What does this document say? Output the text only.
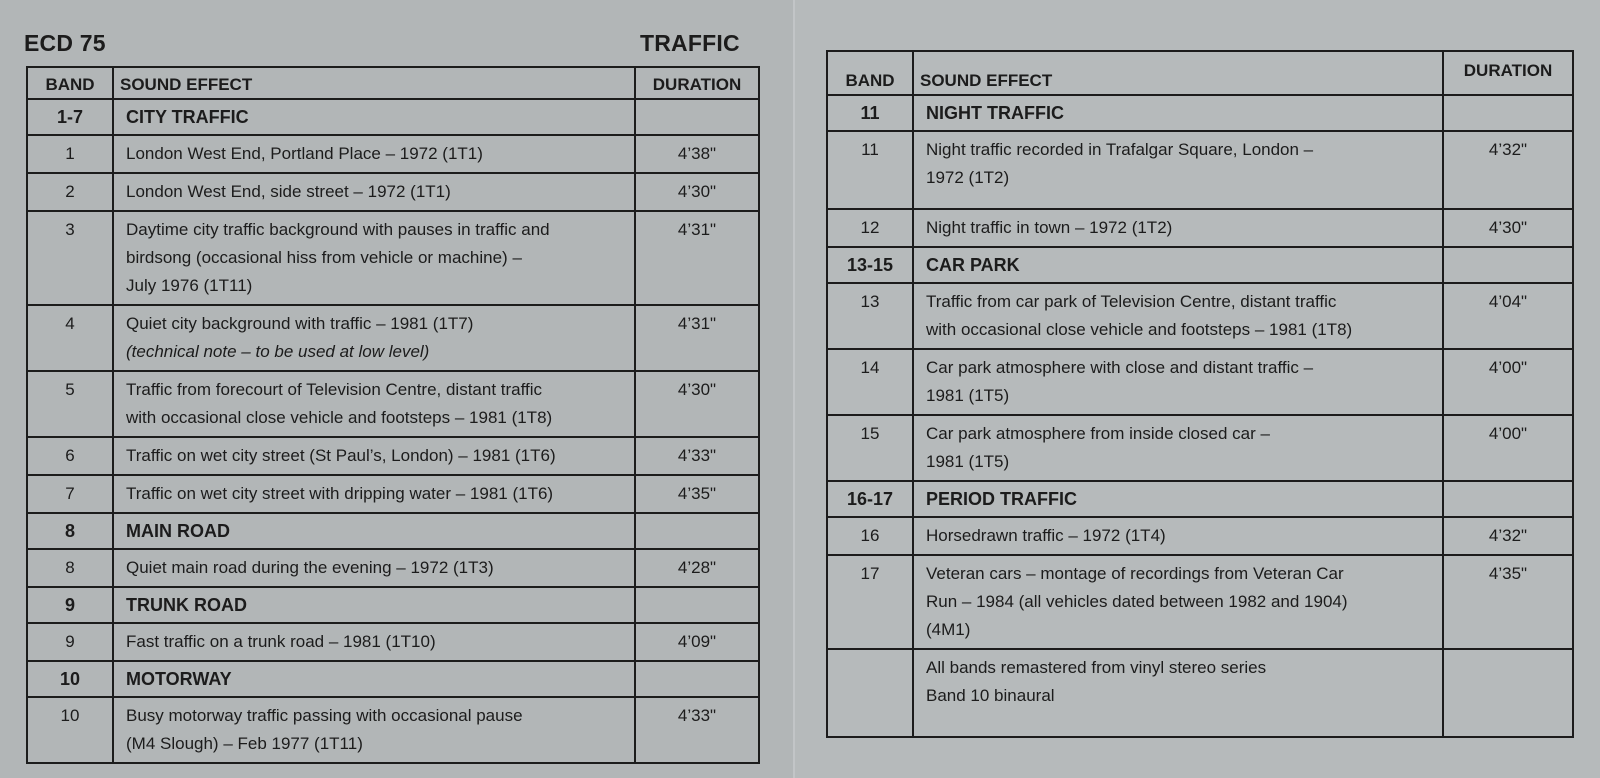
ECD 75	TRAFFIC
BAND	SOUND EFFECT	DURATION
1-7	CITY TRAFFIC	
1	London West End, Portland Place – 1972 (1T1)	4’38"
2	London West End, side street – 1972 (1T1)	4’30"
3	Daytime city traffic background with pauses in traffic and
birdsong (occasional hiss from vehicle or machine) –
July 1976 (1T11)	4’31"
4	Quiet city background with traffic – 1981 (1T7)
(technical note – to be used at low level)	4’31"
5	Traffic from forecourt of Television Centre, distant traffic
with occasional close vehicle and footsteps – 1981 (1T8)	4’30"
6	Traffic on wet city street (St Paul’s, London) – 1981 (1T6)	4’33"
7	Traffic on wet city street with dripping water – 1981 (1T6)	4’35"
8	MAIN ROAD	
8	Quiet main road during the evening – 1972 (1T3)	4’28"
9	TRUNK ROAD	
9	Fast traffic on a trunk road – 1981 (1T10)	4’09"
10	MOTORWAY	
10	Busy motorway traffic passing with occasional pause
(M4 Slough) – Feb 1977 (1T11)	4’33"
BAND	SOUND EFFECT	DURATION
11	NIGHT TRAFFIC	
11	Night traffic recorded in Trafalgar Square, London –
1972 (1T2)	4’32"
12	Night traffic in town – 1972 (1T2)	4’30"
13-15	CAR PARK	
13	Traffic from car park of Television Centre, distant traffic
with occasional close vehicle and footsteps – 1981 (1T8)	4’04"
14	Car park atmosphere with close and distant traffic –
1981 (1T5)	4’00"
15	Car park atmosphere from inside closed car –
1981 (1T5)	4’00"
16-17	PERIOD TRAFFIC	
16	Horsedrawn traffic – 1972 (1T4)	4’32"
17	Veteran cars – montage of recordings from Veteran Car
Run – 1984 (all vehicles dated between 1982 and 1904)
(4M1)	4’35"

	All bands remastered from vinyl stereo series
Band 10 binaural	
